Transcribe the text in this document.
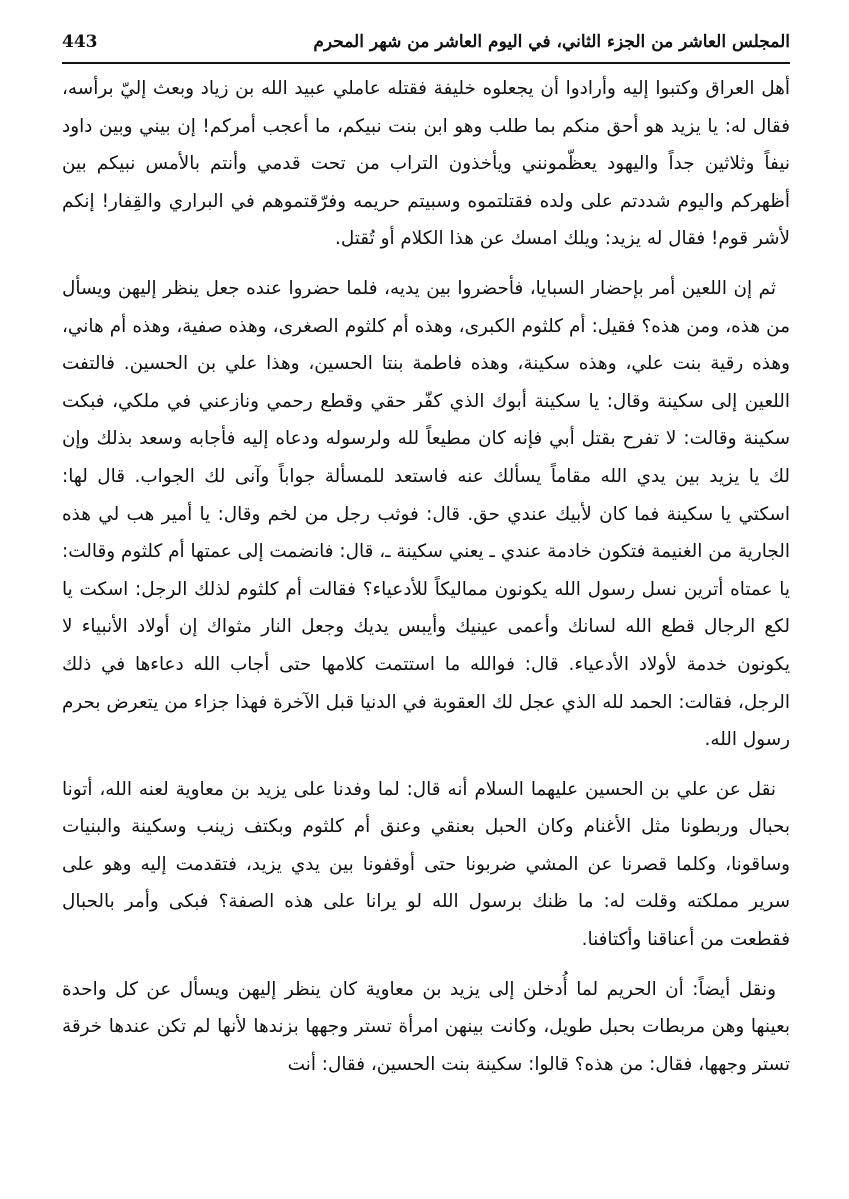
المجلس العاشر من الجزء الثاني، في اليوم العاشر من شهر المحرم
443

أهل العراق وكتبوا إليه وأرادوا أن يجعلوه خليفة فقتله عاملي عبيد الله بن زياد وبعث إليّ برأسه، فقال له: يا يزيد هو أحق منكم بما طلب وهو ابن بنت نبيكم، ما أعجب أمركم! إن بيني وبين داود نيفاً وثلاثين جداً واليهود يعظّمونني ويأخذون التراب من تحت قدمي وأنتم بالأمس نبيكم بين أظهركم واليوم شددتم على ولده فقتلتموه وسبيتم حريمه وفرّقتموهم في البراري والقِفار! إنكم لأشر قوم! فقال له يزيد: ويلك امسك عن هذا الكلام أو تُقتل.

ثم إن اللعين أمر بإحضار السبايا، فأحضروا بين يديه، فلما حضروا عنده جعل ينظر إليهن ويسأل من هذه، ومن هذه؟ فقيل: أم كلثوم الكبرى، وهذه أم كلثوم الصغرى، وهذه صفية، وهذه أم هاني، وهذه رقية بنت علي، وهذه سكينة، وهذه فاطمة بنتا الحسين، وهذا علي بن الحسين. فالتفت اللعين إلى سكينة وقال: يا سكينة أبوك الذي كفّر حقي وقطع رحمي ونازعني في ملكي، فبكت سكينة وقالت: لا تفرح بقتل أبي فإنه كان مطيعاً لله ولرسوله ودعاه إليه فأجابه وسعد بذلك وإن لك يا يزيد بين يدي الله مقاماً يسألك عنه فاستعد للمسألة جواباً وآنى لك الجواب. قال لها: اسكتي يا سكينة فما كان لأبيك عندي حق. قال: فوثب رجل من لخم وقال: يا أمير هب لي هذه الجارية من الغنيمة فتكون خادمة عندي ـ يعني سكينة ـ، قال: فانضمت إلى عمتها أم كلثوم وقالت: يا عمتاه أترين نسل رسول الله يكونون مماليكاً للأدعياء؟ فقالت أم كلثوم لذلك الرجل: اسكت يا لكع الرجال قطع الله لسانك وأعمى عينيك وأيبس يديك وجعل النار مثواك إن أولاد الأنبياء لا يكونون خدمة لأولاد الأدعياء. قال: فوالله ما استتمت كلامها حتى أجاب الله دعاءها في ذلك الرجل، فقالت: الحمد لله الذي عجل لك العقوبة في الدنيا قبل الآخرة فهذا جزاء من يتعرض بحرم رسول الله.

نقل عن علي بن الحسين عليهما السلام أنه قال: لما وفدنا على يزيد بن معاوية لعنه الله، أتونا بحبال وربطونا مثل الأغنام وكان الحبل بعنقي وعنق أم كلثوم وبكتف زينب وسكينة والبنيات وساقونا، وكلما قصرنا عن المشي ضربونا حتى أوقفونا بين يدي يزيد، فتقدمت إليه وهو على سرير مملكته وقلت له: ما ظنك برسول الله لو يرانا على هذه الصفة؟ فبكى وأمر بالحبال فقطعت من أعناقنا وأكتافنا.

ونقل أيضاً: أن الحريم لما أُدخلن إلى يزيد بن معاوية كان ينظر إليهن ويسأل عن كل واحدة بعينها وهن مربطات بحبل طويل، وكانت بينهن امرأة تستر وجهها بزندها لأنها لم تكن عندها خرقة تستر وجهها، فقال: من هذه؟ قالوا: سكينة بنت الحسين، فقال: أنت
